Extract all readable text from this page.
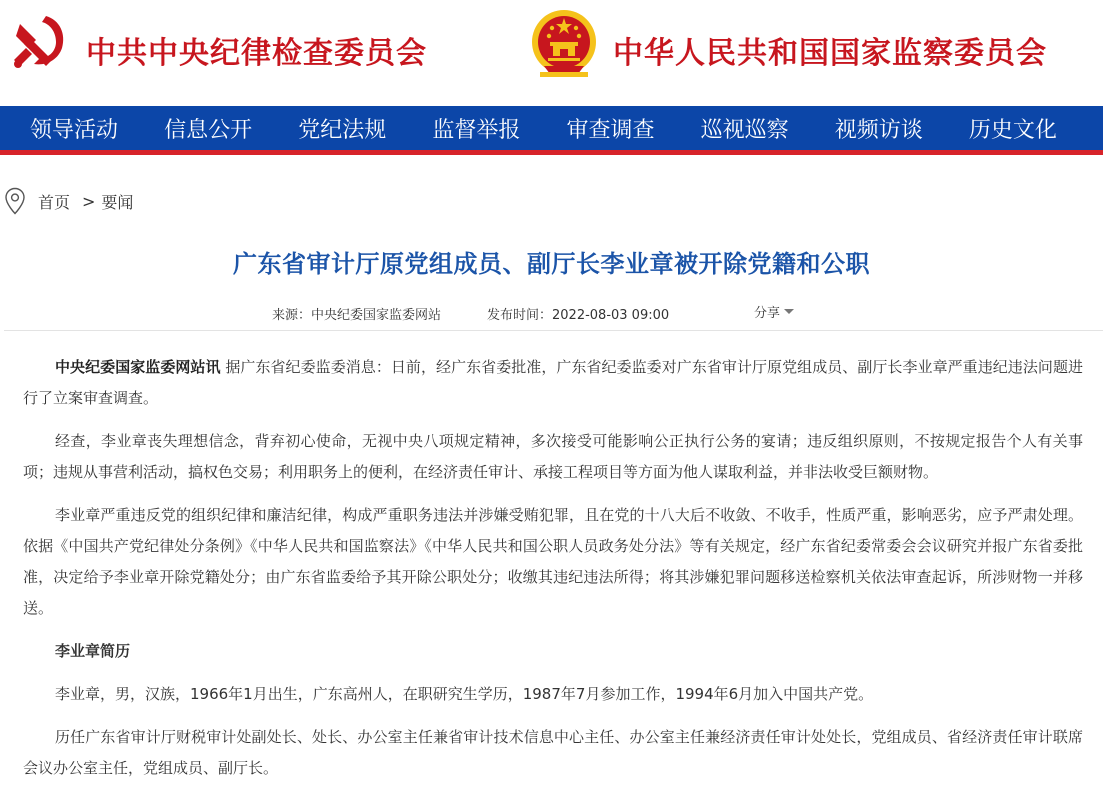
中共中央纪律检查委员会	中华人民共和国国家监察委员会
领导活动	信息公开	党纪法规	监督举报	审查调查	巡视巡察	视频访谈	历史文化
首页 > 要闻
广东省审计厅原党组成员、副厅长李业章被开除党籍和公职
来源：中央纪委国家监委网站	发布时间：2022-08-03 09:00	分享

中央纪委国家监委网站讯 据广东省纪委监委消息：日前，经广东省委批准，广东省纪委监委对广东省审计厅原党组成员、副厅长李业章严重违纪违法问题进行了立案审查调查。

经查，李业章丧失理想信念，背弃初心使命，无视中央八项规定精神，多次接受可能影响公正执行公务的宴请；违反组织原则，不按规定报告个人有关事项；违规从事营利活动，搞权色交易；利用职务上的便利，在经济责任审计、承接工程项目等方面为他人谋取利益，并非法收受巨额财物。

李业章严重违反党的组织纪律和廉洁纪律，构成严重职务违法并涉嫌受贿犯罪，且在党的十八大后不收敛、不收手，性质严重，影响恶劣，应予严肃处理。依据《中国共产党纪律处分条例》《中华人民共和国监察法》《中华人民共和国公职人员政务处分法》等有关规定，经广东省纪委常委会会议研究并报广东省委批准，决定给予李业章开除党籍处分；由广东省监委给予其开除公职处分；收缴其违纪违法所得；将其涉嫌犯罪问题移送检察机关依法审查起诉，所涉财物一并移送。

李业章简历

李业章，男，汉族，1966年1月出生，广东高州人，在职研究生学历，1987年7月参加工作，1994年6月加入中国共产党。

历任广东省审计厅财税审计处副处长、处长、办公室主任兼省审计技术信息中心主任、办公室主任兼经济责任审计处处长，党组成员、省经济责任审计联席会议办公室主任，党组成员、副厅长。
